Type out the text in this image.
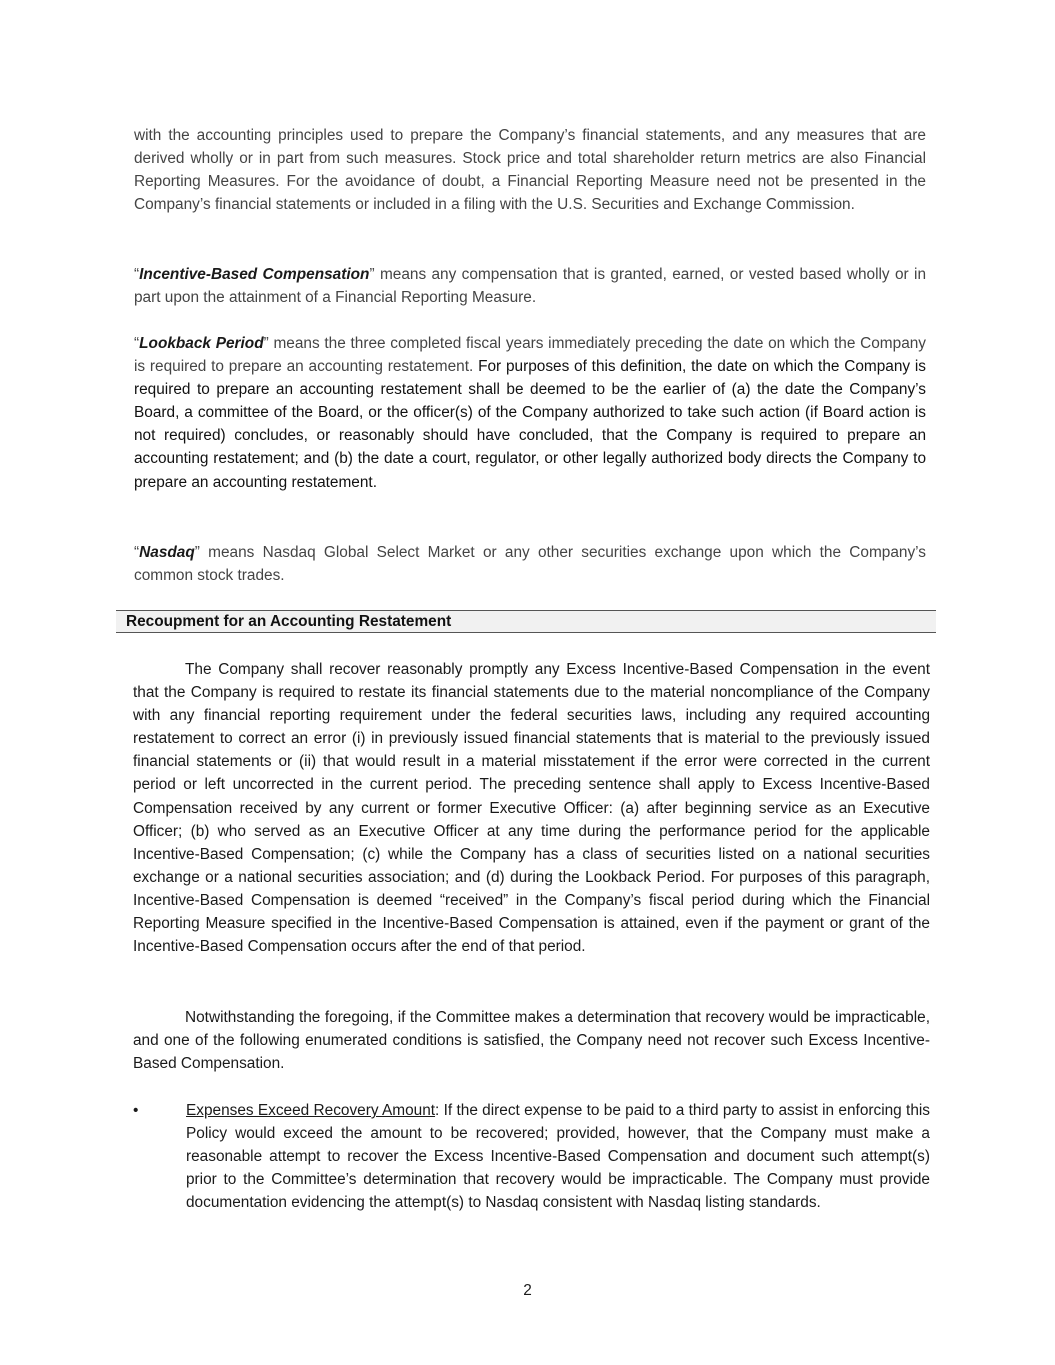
with the accounting principles used to prepare the Company’s financial statements, and any measures that are derived wholly or in part from such measures. Stock price and total shareholder return metrics are also Financial Reporting Measures. For the avoidance of doubt, a Financial Reporting Measure need not be presented in the Company’s financial statements or included in a filing with the U.S. Securities and Exchange Commission.

“Incentive-Based Compensation” means any compensation that is granted, earned, or vested based wholly or in part upon the attainment of a Financial Reporting Measure.

“Lookback Period” means the three completed fiscal years immediately preceding the date on which the Company is required to prepare an accounting restatement. For purposes of this definition, the date on which the Company is required to prepare an accounting restatement shall be deemed to be the earlier of (a) the date the Company’s Board, a committee of the Board, or the officer(s) of the Company authorized to take such action (if Board action is not required) concludes, or reasonably should have concluded, that the Company is required to prepare an accounting restatement; and (b) the date a court, regulator, or other legally authorized body directs the Company to prepare an accounting restatement.

“Nasdaq” means Nasdaq Global Select Market or any other securities exchange upon which the Company’s common stock trades.

Recoupment for an Accounting Restatement

The Company shall recover reasonably promptly any Excess Incentive-Based Compensation in the event that the Company is required to restate its financial statements due to the material noncompliance of the Company with any financial reporting requirement under the federal securities laws, including any required accounting restatement to correct an error (i) in previously issued financial statements that is material to the previously issued financial statements or (ii) that would result in a material misstatement if the error were corrected in the current period or left uncorrected in the current period. The preceding sentence shall apply to Excess Incentive-Based Compensation received by any current or former Executive Officer: (a) after beginning service as an Executive Officer; (b) who served as an Executive Officer at any time during the performance period for the applicable Incentive-Based Compensation; (c) while the Company has a class of securities listed on a national securities exchange or a national securities association; and (d) during the Lookback Period. For purposes of this paragraph, Incentive-Based Compensation is deemed “received” in the Company’s fiscal period during which the Financial Reporting Measure specified in the Incentive-Based Compensation is attained, even if the payment or grant of the Incentive-Based Compensation occurs after the end of that period.

Notwithstanding the foregoing, if the Committee makes a determination that recovery would be impracticable, and one of the following enumerated conditions is satisfied, the Company need not recover such Excess Incentive-Based Compensation.

•	Expenses Exceed Recovery Amount: If the direct expense to be paid to a third party to assist in enforcing this Policy would exceed the amount to be recovered; provided, however, that the Company must make a reasonable attempt to recover the Excess Incentive-Based Compensation and document such attempt(s) prior to the Committee’s determination that recovery would be impracticable. The Company must provide documentation evidencing the attempt(s) to Nasdaq consistent with Nasdaq listing standards.

2
